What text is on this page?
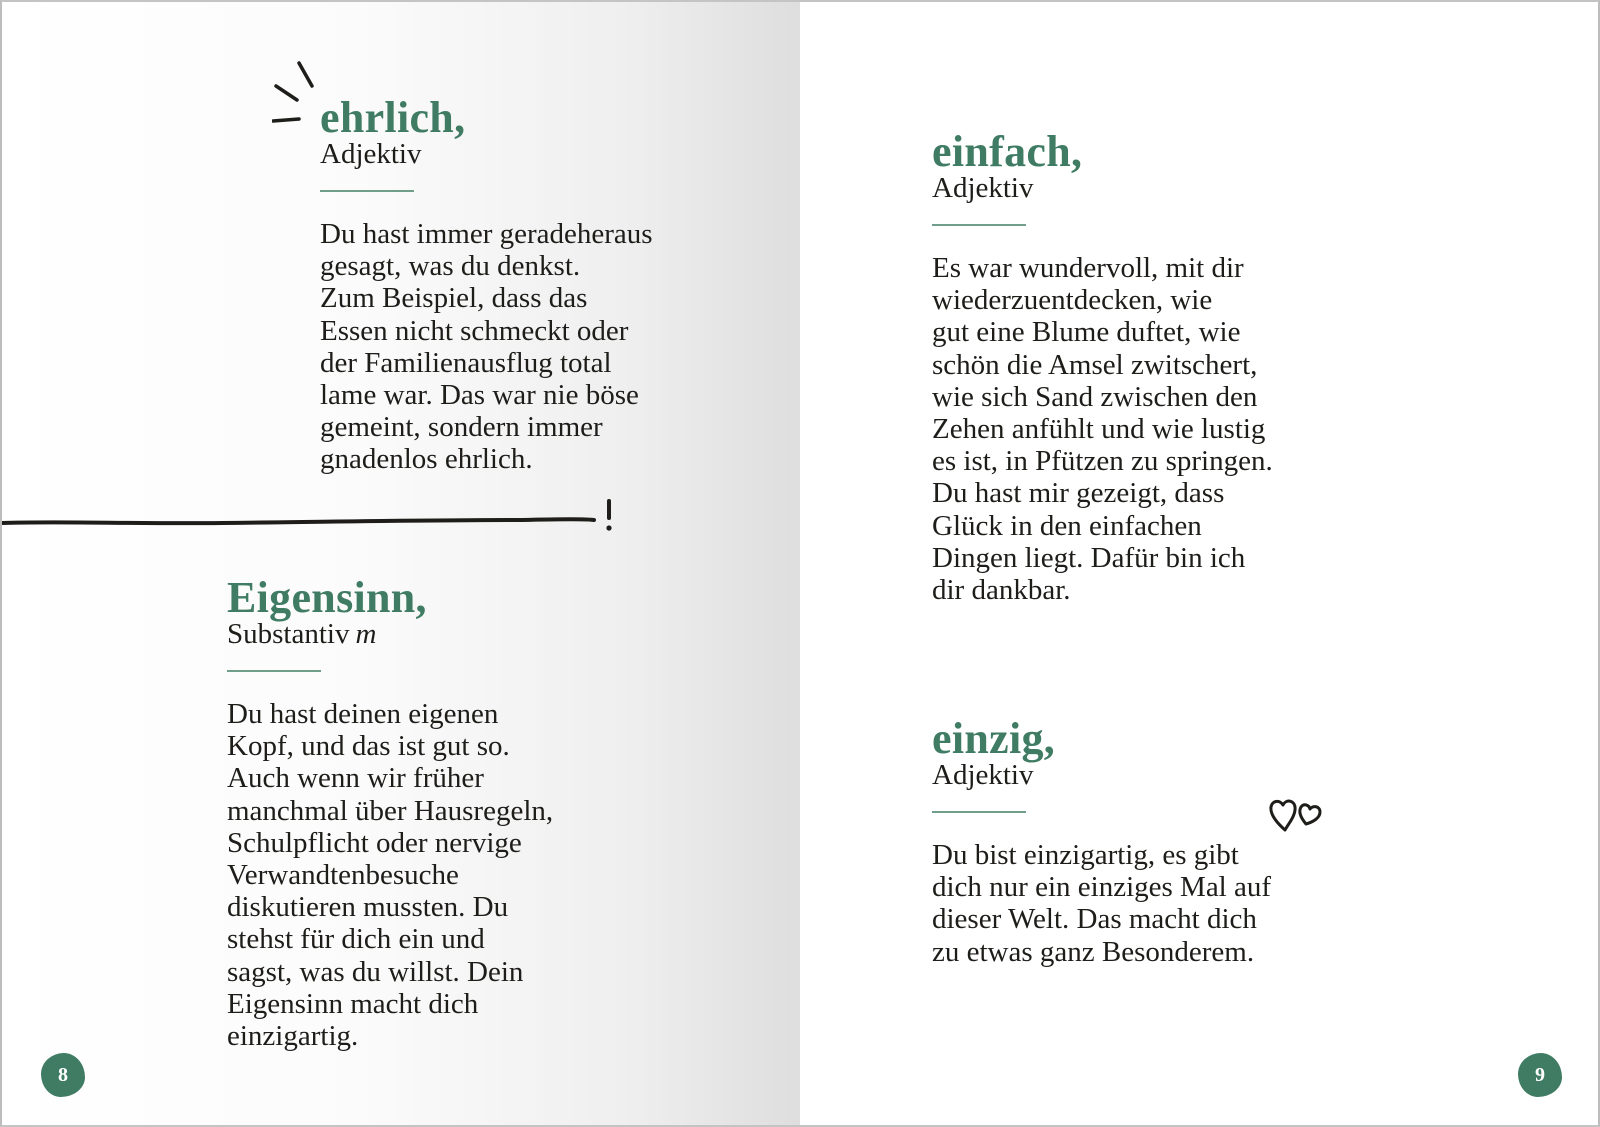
ehrlich,

Adjektiv

Du hast immer geradeheraus
gesagt, was du denkst.
Zum Beispiel, dass das
Essen nicht schmeckt oder
der Familienausflug total
lame war. Das war nie böse
gemeint, sondern immer
gnadenlos ehrlich.

Eigensinn,

Substantiv m

Du hast deinen eigenen
Kopf, und das ist gut so.
Auch wenn wir früher
manchmal über Hausregeln,
Schulpflicht oder nervige
Verwandtenbesuche
diskutieren mussten. Du
stehst für dich ein und
sagst, was du willst. Dein
Eigensinn macht dich
einzigartig.

8

einfach,

Adjektiv

Es war wundervoll, mit dir
wiederzuentdecken, wie
gut eine Blume duftet, wie
schön die Amsel zwitschert,
wie sich Sand zwischen den
Zehen anfühlt und wie lustig
es ist, in Pfützen zu springen.
Du hast mir gezeigt, dass
Glück in den einfachen
Dingen liegt. Dafür bin ich
dir dankbar.

einzig,

Adjektiv

Du bist einzigartig, es gibt
dich nur ein einziges Mal auf
dieser Welt. Das macht dich
zu etwas ganz Besonderem.

9
